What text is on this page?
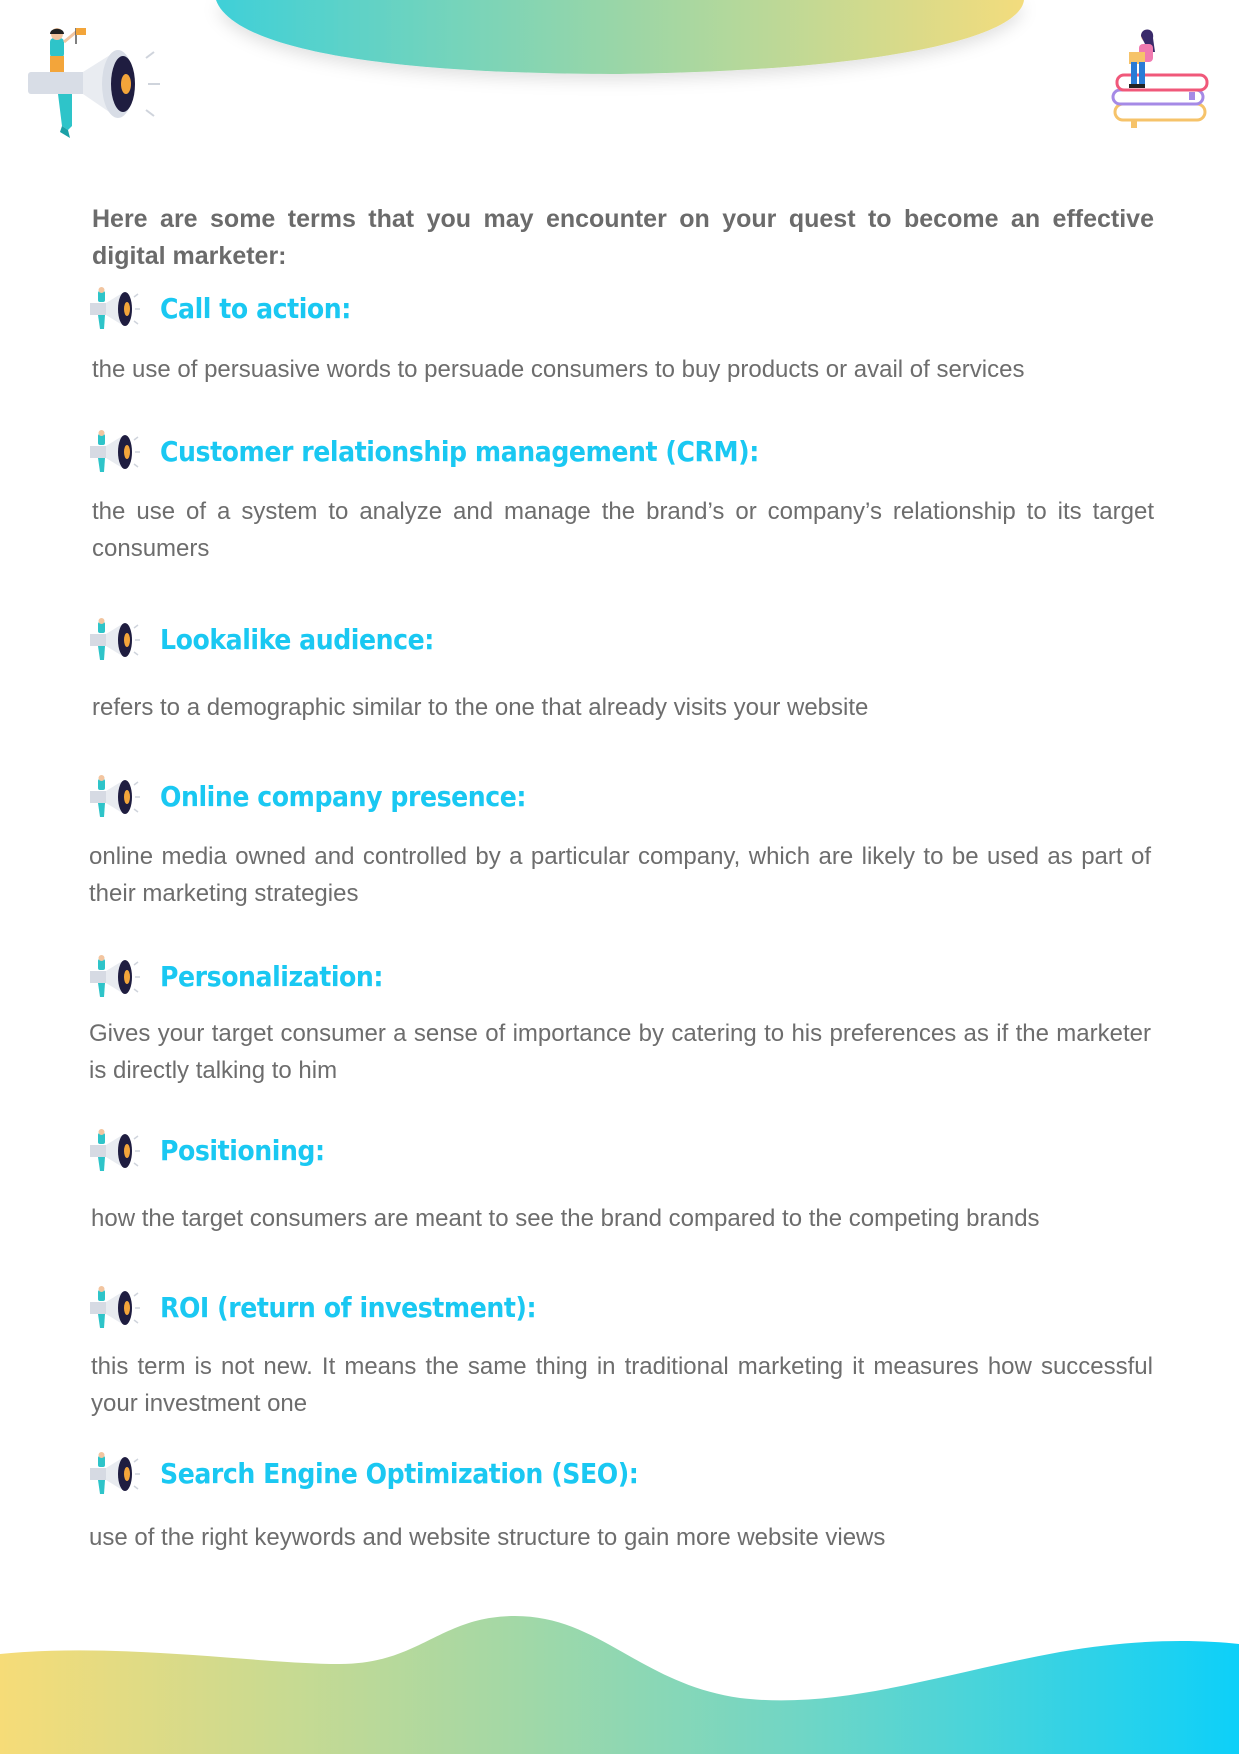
Here are some terms that you may encounter on your quest to become an effective digital marketer:
Call to action:

the use of persuasive words to persuade consumers to buy products or avail of services

Customer relationship management (CRM):

the use of a system to analyze and manage the brand’s or company’s relationship to its target consumers

Lookalike audience:

refers to a demographic similar to the one that already visits your website

Online company presence:

online media owned and controlled by a particular company, which are likely to be used as part of their marketing strategies

Personalization:

Gives your target consumer a sense of importance by catering to his preferences as if the marketer is directly talking to him

Positioning:

how the target consumers are meant to see the brand compared to the competing brands

ROI (return of investment):

this term is not new. It means the same thing in traditional marketing it measures how successful your investment one

Search Engine Optimization (SEO):

use of the right keywords and website structure to gain more website views
